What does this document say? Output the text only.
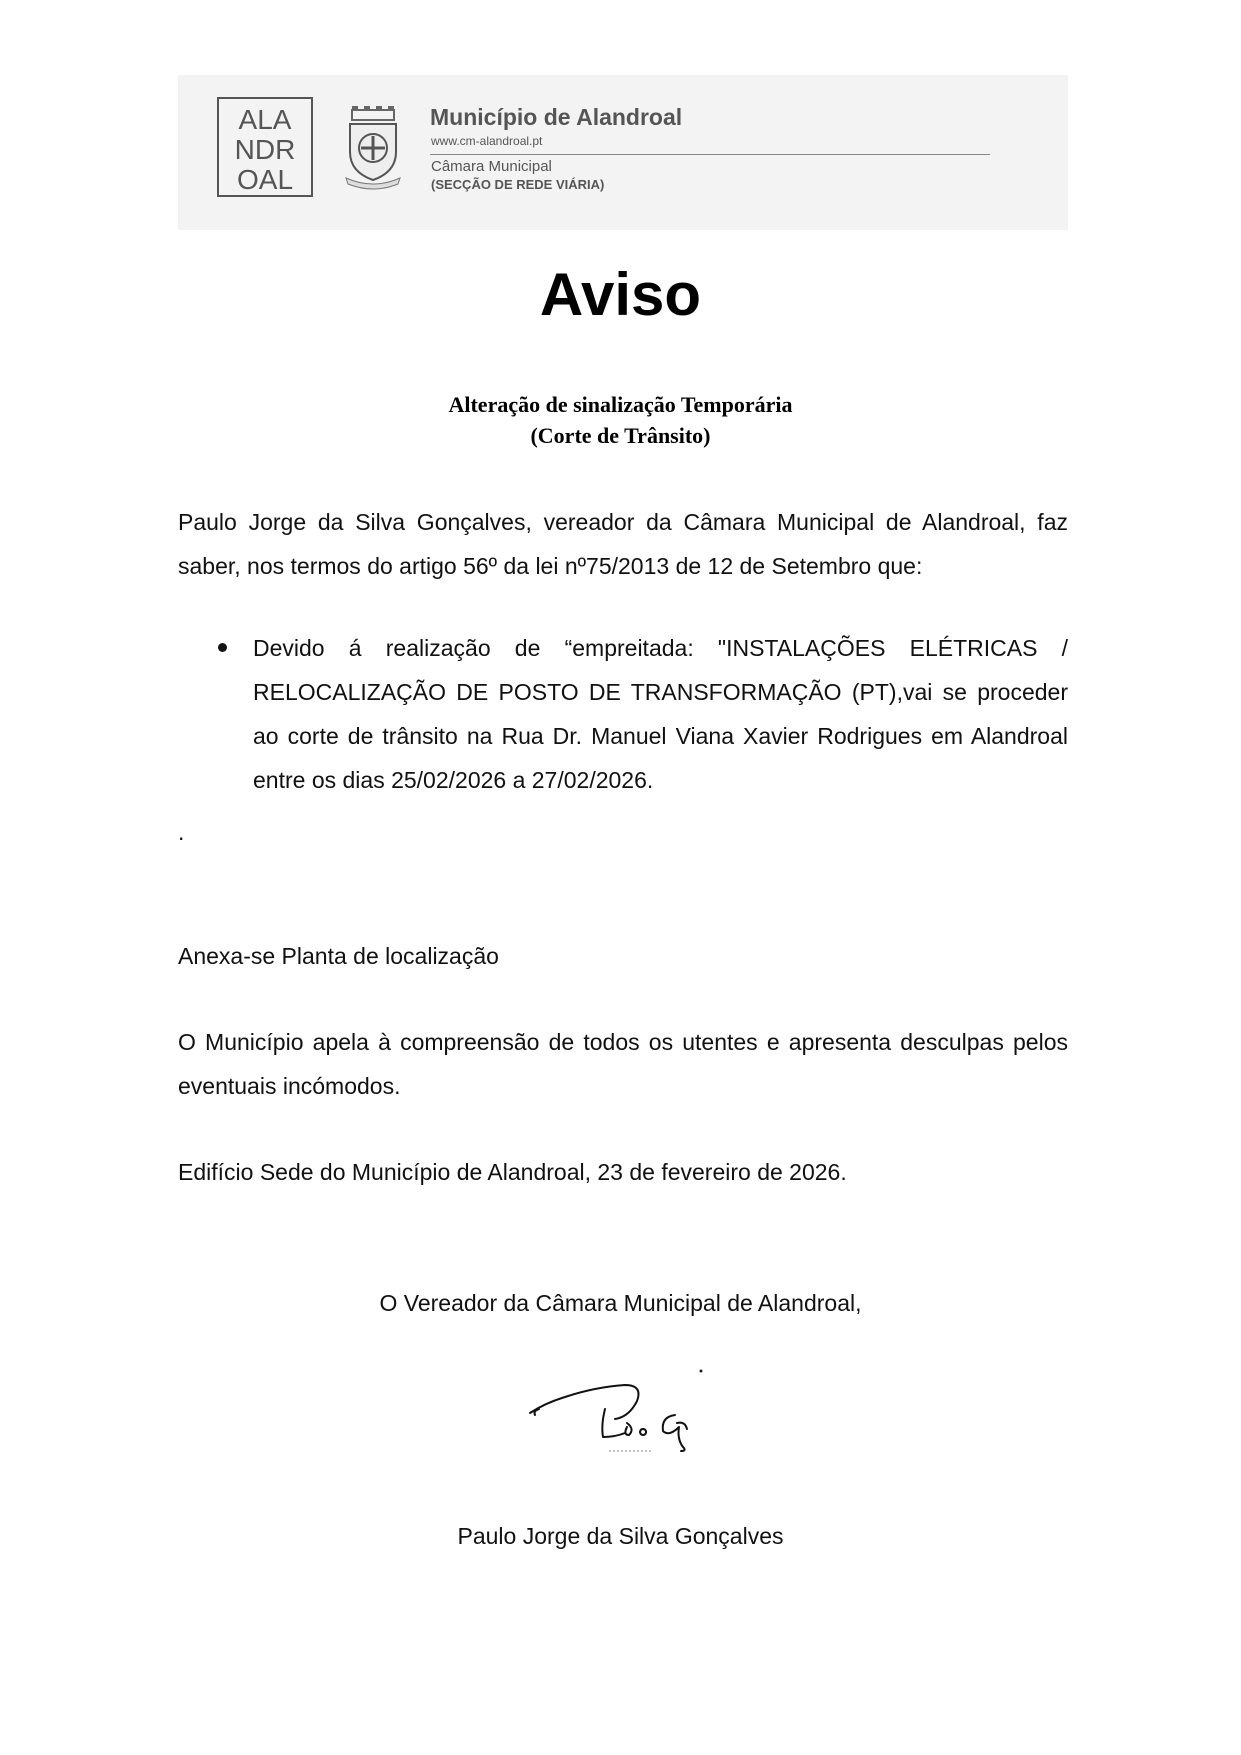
ALA
NDR
OAL
Município de Alandroal
www.cm-alandroal.pt
Câmara Municipal
(SECÇÃO DE REDE VIÁRIA)
Aviso
Alteração de sinalização Temporária
(Corte de Trânsito)
Paulo Jorge da Silva Gonçalves, vereador da Câmara Municipal de Alandroal, faz saber, nos termos do artigo 56º da lei nº75/2013 de 12 de Setembro que:
Devido á realização de “empreitada: "INSTALAÇÕES ELÉTRICAS / RELOCALIZAÇÃO DE POSTO DE TRANSFORMAÇÃO (PT),vai se proceder ao corte de trânsito na Rua Dr. Manuel Viana Xavier Rodrigues em Alandroal entre os dias 25/02/2026 a 27/02/2026.
.
Anexa-se Planta de localização
O Município apela à compreensão de todos os utentes e apresenta desculpas pelos eventuais incómodos.
Edifício Sede do Município de Alandroal, 23 de fevereiro de 2026.
O Vereador da Câmara Municipal de Alandroal,
Paulo Jorge da Silva Gonçalves
